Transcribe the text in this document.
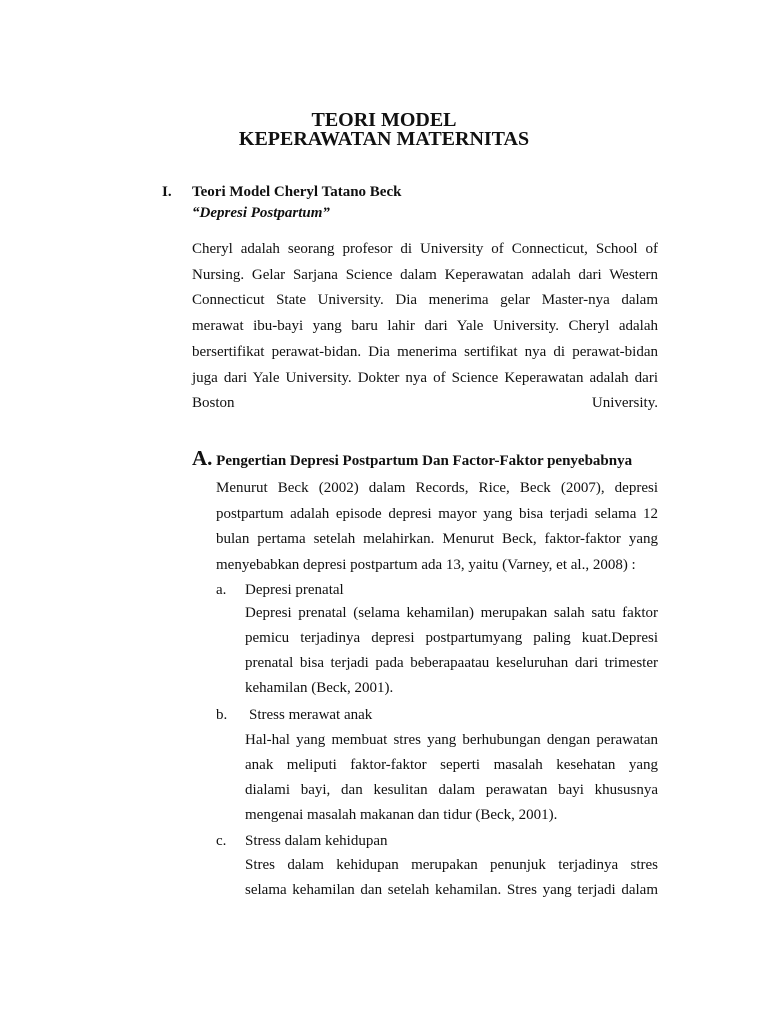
TEORI MODEL
KEPERAWATAN MATERNITAS
I. Teori Model Cheryl Tatano Beck
“Depresi Postpartum”
Cheryl adalah seorang profesor di University of Connecticut, School of
Nursing. Gelar Sarjana Science dalam Keperawatan adalah dari Western
Connecticut State University. Dia menerima gelar Master-nya dalam
merawat ibu-bayi yang baru lahir dari Yale University. Cheryl adalah
bersertifikat perawat-bidan. Dia menerima sertifikat nya di perawat-bidan
juga dari Yale University. Dokter nya of Science Keperawatan adalah dari
Boston	University.
A. Pengertian Depresi Postpartum Dan Factor-Faktor penyebabnya
Menurut Beck (2002) dalam Records, Rice, Beck (2007), depresi
postpartum adalah episode depresi mayor yang bisa terjadi selama 12
bulan pertama setelah melahirkan. Menurut Beck, faktor-faktor yang
menyebabkan depresi postpartum ada 13, yaitu (Varney, et al., 2008) :
a. Depresi prenatal
Depresi prenatal (selama kehamilan) merupakan salah satu faktor
pemicu terjadinya depresi postpartumyang paling kuat.Depresi
prenatal bisa terjadi pada beberapaatau keseluruhan dari trimester
kehamilan (Beck, 2001).
b. Stress merawat anak
Hal-hal yang membuat stres yang berhubungan dengan perawatan
anak meliputi faktor-faktor seperti masalah kesehatan yang
dialami bayi, dan kesulitan dalam perawatan bayi khususnya
mengenai masalah makanan dan tidur (Beck, 2001).
c. Stress dalam kehidupan
Stres dalam kehidupan merupakan penunjuk terjadinya stres
selama kehamilan dan setelah kehamilan. Stres yang terjadi dalam
